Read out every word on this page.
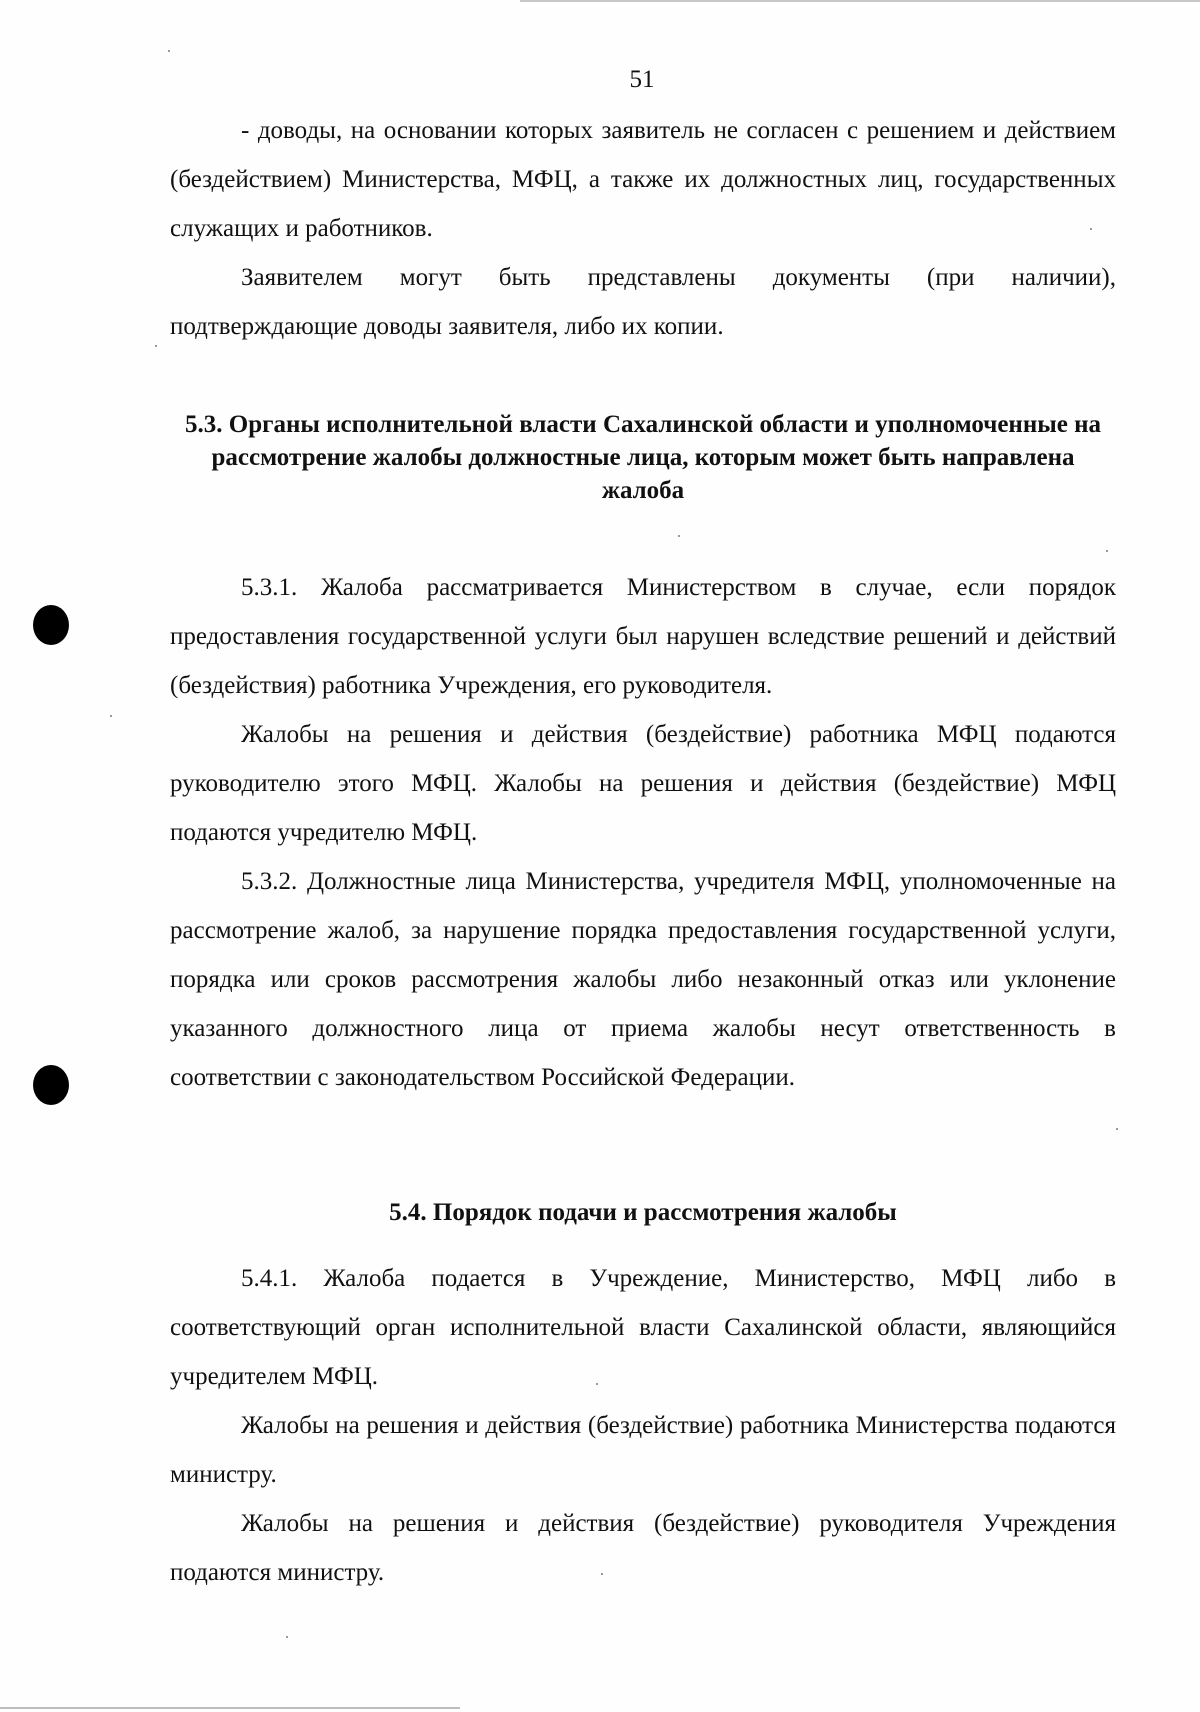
51

- доводы, на основании которых заявитель не согласен с решением и действием (бездействием) Министерства, МФЦ, а также их должностных лиц, государственных служащих и работников.

Заявителем могут быть представлены документы (при наличии), подтверждающие доводы заявителя, либо их копии.

5.3. Органы исполнительной власти Сахалинской области и уполномоченные на рассмотрение жалобы должностные лица, которым может быть направлена жалоба

5.3.1. Жалоба рассматривается Министерством в случае, если порядок предоставления государственной услуги был нарушен вследствие решений и действий (бездействия) работника Учреждения, его руководителя.

Жалобы на решения и действия (бездействие) работника МФЦ подаются руководителю этого МФЦ. Жалобы на решения и действия (бездействие) МФЦ подаются учредителю МФЦ.

5.3.2. Должностные лица Министерства, учредителя МФЦ, уполномоченные на рассмотрение жалоб, за нарушение порядка предоставления государственной услуги, порядка или сроков рассмотрения жалобы либо незаконный отказ или уклонение указанного должностного лица от приема жалобы несут ответственность в соответствии с законодательством Российской Федерации.

5.4. Порядок подачи и рассмотрения жалобы

5.4.1. Жалоба подается в Учреждение, Министерство, МФЦ либо в соответствующий орган исполнительной власти Сахалинской области, являющийся учредителем МФЦ.

Жалобы на решения и действия (бездействие) работника Министерства подаются министру.

Жалобы на решения и действия (бездействие) руководителя Учреждения подаются министру.
